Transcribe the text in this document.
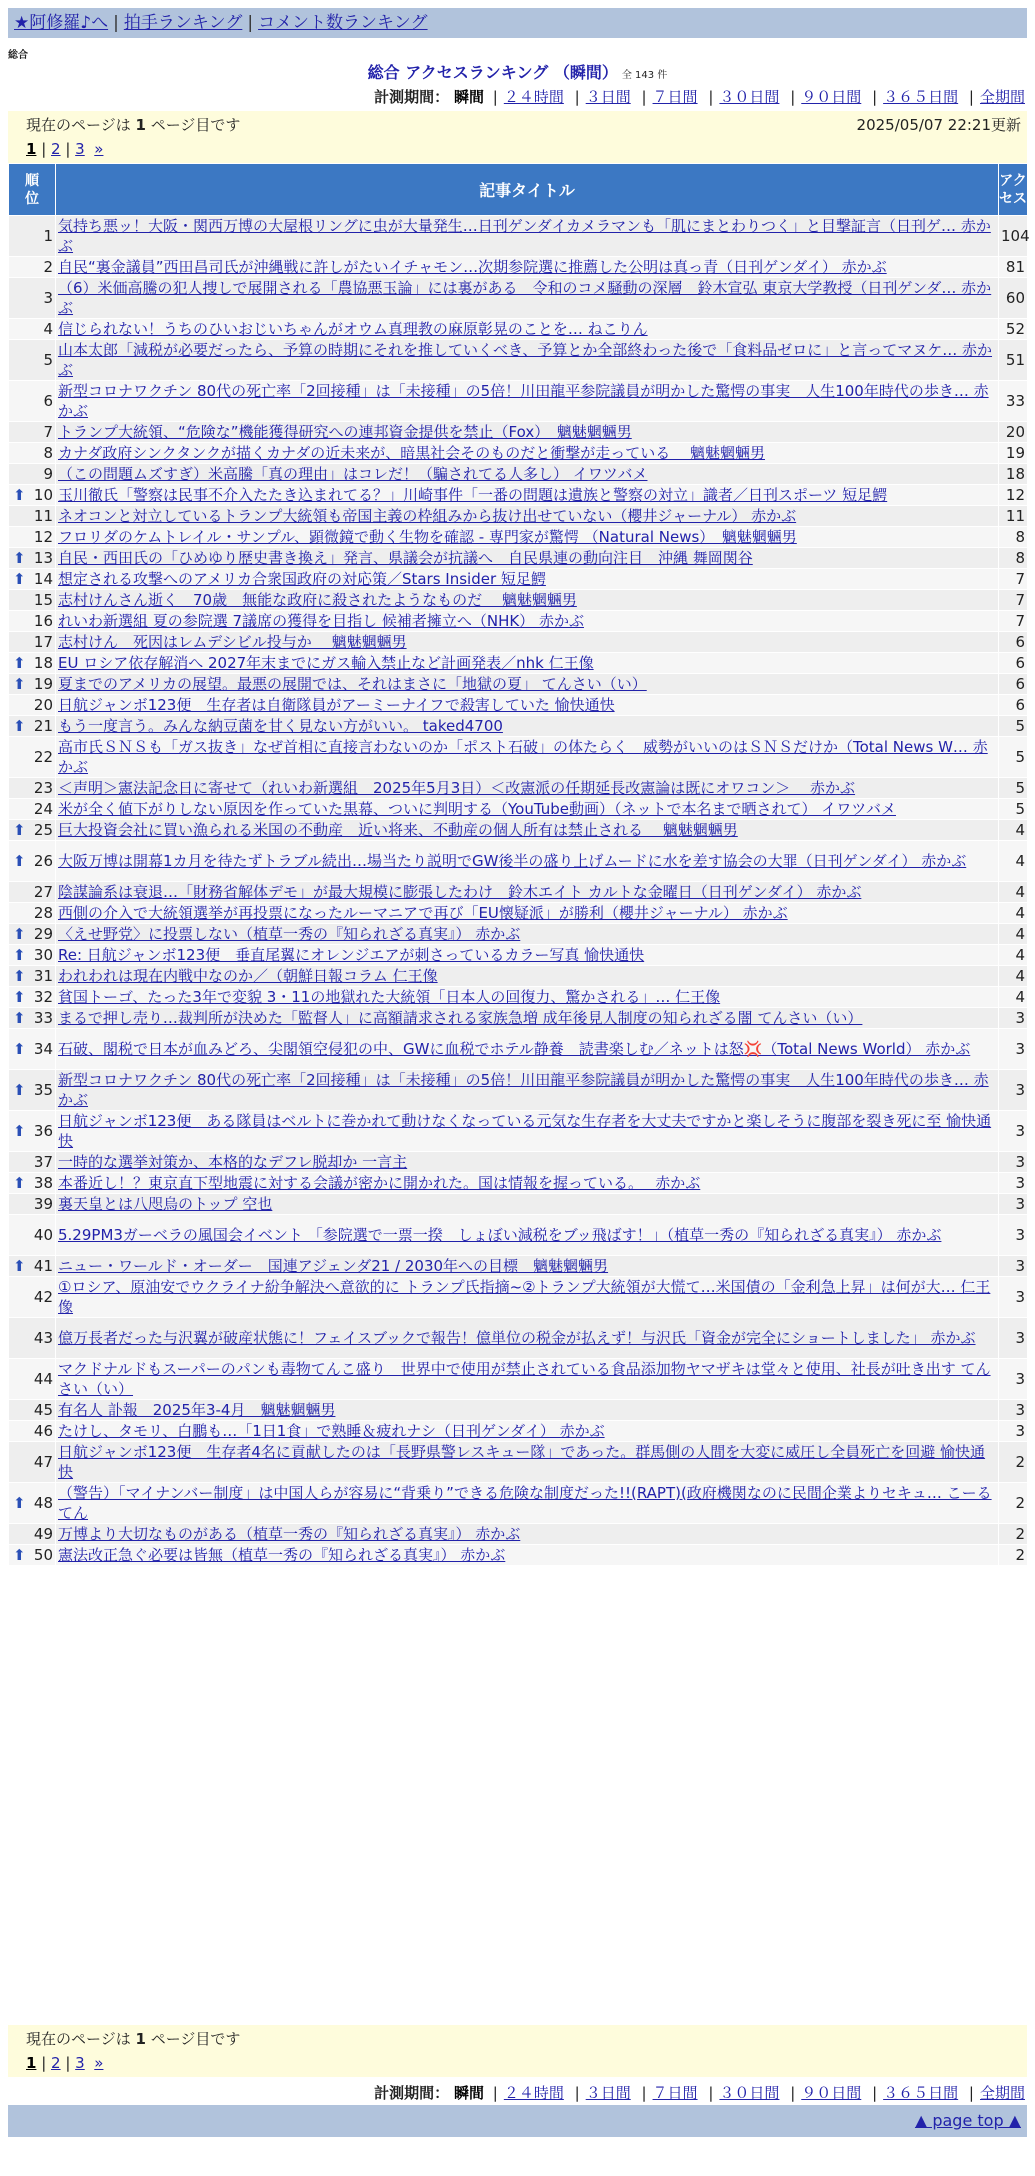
★阿修羅♪へ | 拍手ランキング | コメント数ランキング
総合
総合 アクセスランキング （瞬間） 全 143 件
計測期間： 瞬間 | ２４時間 | ３日間 | ７日間 | ３０日間 | ９０日間 | ３６５日間 | 全期間
現在のページは 1 ページ目です	2025/05/07 22:21更新
1 | 2 | 3 »
順位	記事タイトル	アクセス
1	気持ち悪ッ！大阪・関西万博の大屋根リングに虫が大量発生…日刊ゲンダイカメラマンも「肌にまとわりつく」と目撃証言（日刊ゲ… 赤かぶ	104
2	自民“裏金議員”西田昌司氏が沖縄戦に許しがたいイチャモン…次期参院選に推薦した公明は真っ青（日刊ゲンダイ） 赤かぶ	81
3	（6）米価高騰の犯人捜しで展開される「農協悪玉論」には裏がある　令和のコメ騒動の深層　鈴木宣弘 東京大学教授（日刊ゲンダ… 赤かぶ	60
4	信じられない！うちのひいおじいちゃんがオウム真理教の麻原彰晃のことを… ねこりん	52
5	山本太郎「減税が必要だったら、予算の時期にそれを推していくべき、予算とか全部終わった後で「食料品ゼロに」と言ってマヌケ… 赤かぶ	51
6	新型コロナワクチン 80代の死亡率「2回接種」は「未接種」の5倍！川田龍平参院議員が明かした驚愕の事実　人生100年時代の歩き… 赤かぶ	33
7	トランプ大統領、“危険な”機能獲得研究への連邦資金提供を禁止（Fox）　魑魅魍魎男	20
8	カナダ政府シンクタンクが描くカナダの近未来が、暗黒社会そのものだと衝撃が走っている　 魑魅魍魎男	19
9	（この問題ムズすぎ）米高騰「真の理由」はコレだ！（騙されてる人多し） イワツバメ	18

⬆ 10	玉川徹氏「警察は民事不介入たたき込まれてる？」川崎事件「一番の問題は遺族と警察の対立」識者／日刊スポーツ 短足鰐	12
11	ネオコンと対立しているトランプ大統領も帝国主義の枠組みから抜け出せていない（櫻井ジャーナル） 赤かぶ	11
12	フロリダのケムトレイル・サンプル、顕微鏡で動く生物を確認 - 専門家が驚愕 （Natural News）　魑魅魍魎男	8

⬆ 13	自民・西田氏の「ひめゆり歴史書き換え」発言、県議会が抗議へ　自民県連の動向注目　沖縄 舞岡関谷	8

⬆ 14	想定される攻撃へのアメリカ合衆国政府の対応策／Stars Insider 短足鰐	7
15	志村けんさん逝く　70歳　無能な政府に殺されたようなものだ　 魑魅魍魎男	7
16	れいわ新選組 夏の参院選 7議席の獲得を目指し 候補者擁立へ（NHK） 赤かぶ	7
17	志村けん　死因はレムデシビル投与か　 魑魅魍魎男	6

⬆ 18	EU ロシア依存解消へ 2027年末までにガス輸入禁止など計画発表／nhk 仁王像	6

⬆ 19	夏までのアメリカの展望。最悪の展開では、それはまさに「地獄の夏」 てんさい（い）	6
20	日航ジャンボ123便　生存者は自衛隊員がアーミーナイフで殺害していた 愉快通快	6

⬆ 21	もう一度言う。みんな納豆菌を甘く見ない方がいい。 taked4700	5
22	高市氏ＳＮＳも「ガス抜き」なぜ首相に直接言わないのか「ポスト石破」の体たらく　威勢がいいのはＳＮＳだけか（Total News W… 赤かぶ	5
23	＜声明＞憲法記念日に寄せて（れいわ新選組　2025年5月3日）＜改憲派の任期延長改憲論は既にオワコン＞　 赤かぶ	5
24	米が全く値下がりしない原因を作っていた黒幕、ついに判明する（YouTube動画）（ネットで本名まで晒されて） イワツバメ	5

⬆ 25	巨大投資会社に買い漁られる米国の不動産　近い将来、不動産の個人所有は禁止される　 魑魅魍魎男	4

⬆ 26	大阪万博は開幕1カ月を待たずトラブル続出…場当たり説明でGW後半の盛り上げムードに水を差す協会の大罪（日刊ゲンダイ） 赤かぶ	4
27	陰謀論系は衰退…「財務省解体デモ」が最大規模に膨張したわけ　鈴木エイト カルトな金曜日（日刊ゲンダイ） 赤かぶ	4
28	西側の介入で大統領選挙が再投票になったルーマニアで再び「EU懐疑派」が勝利（櫻井ジャーナル） 赤かぶ	4

⬆ 29	〈えせ野党〉に投票しない（植草一秀の『知られざる真実』） 赤かぶ	4

⬆ 30	Re: 日航ジャンボ123便　垂直尾翼にオレンジエアが刺さっているカラー写真 愉快通快	4

⬆ 31	われわれは現在内戦中なのか／（朝鮮日報コラム 仁王像	4

⬆ 32	貧国トーゴ、たった3年で変貌 3・11の地獄れた大統領「日本人の回復力、驚かされる」… 仁王像	4

⬆ 33	まるで押し売り…裁判所が決めた「監督人」に高額請求される家族急増 成年後見人制度の知られざる闇 てんさい（い）	3

⬆ 34	石破、閣税で日本が血みどろ、尖閣領空侵犯の中、GWに血税でホテル静養　読書楽しむ／ネットは怒💢（Total News World） 赤かぶ	3

⬆ 35	新型コロナワクチン 80代の死亡率「2回接種」は「未接種」の5倍！川田龍平参院議員が明かした驚愕の事実　人生100年時代の歩き… 赤かぶ	3

⬆ 36	日航ジャンボ123便　ある隊員はベルトに巻かれて動けなくなっている元気な生存者を大丈夫ですかと楽しそうに腹部を裂き死に至 愉快通快	3
37	一時的な選挙対策か、本格的なデフレ脱却か 一言主	3

⬆ 38	本番近し！？東京直下型地震に対する会議が密かに開かれた。国は情報を握っている。　 赤かぶ	3
39	裏天皇とは八咫烏のトップ 空也	3
40	5.29PM3ガーベラの風国会イベント 「参院選で一票一揆　しょぼい減税をブッ飛ばす！」（植草一秀の『知られざる真実』） 赤かぶ	3

⬆ 41	ニュー・ワールド・オーダー　国連アジェンダ21 / 2030年への目標　魑魅魍魎男	3
42	①ロシア、原油安でウクライナ紛争解決へ意欲的に トランプ氏指摘~②トランプ大統領が大慌て…米国債の「金利急上昇」は何が大… 仁王像	3
43	億万長者だった与沢翼が破産状態に！フェイスブックで報告！億単位の税金が払えず！与沢氏「資金が完全にショートしました」 赤かぶ	3
44	マクドナルドもスーパーのパンも毒物てんこ盛り　世界中で使用が禁止されている食品添加物ヤマザキは堂々と使用、社長が吐き出す てんさい（い）	3
45	有名人 訃報　2025年3-4月　魑魅魍魎男	3
46	たけし、タモリ、白鵬も…「1日1食」で熟睡＆疲れナシ（日刊ゲンダイ） 赤かぶ	3
47	日航ジャンボ123便　生存者4名に貢献したのは「長野県警レスキュー隊」であった。群馬側の人間を大変に威圧し全員死亡を回避 愉快通快	2

⬆ 48	（警告）「マイナンバー制度」は中国人らが容易に“背乗り”できる危険な制度だった!!(RAPT)(政府機関なのに民間企業よりセキュ… こーるてん	2
49	万博より大切なものがある（植草一秀の『知られざる真実』） 赤かぶ	2

⬆ 50	憲法改正急ぐ必要は皆無（植草一秀の『知られざる真実』） 赤かぶ	2
現在のページは 1 ページ目です
1 | 2 | 3 »
計測期間： 瞬間 | ２４時間 | ３日間 | ７日間 | ３０日間 | ９０日間 | ３６５日間 | 全期間
▲ page top ▲
